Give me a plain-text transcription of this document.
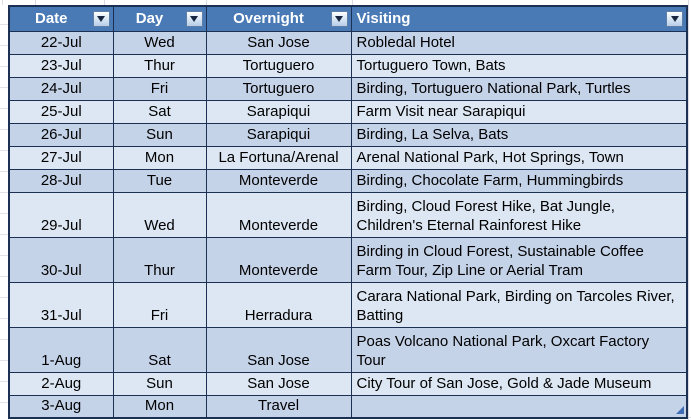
Date	Day	Overnight	Visiting

22-Jul	Wed	San Jose	Robledal Hotel
23-Jul	Thur	Tortuguero	Tortuguero Town, Bats
24-Jul	Fri	Tortuguero	Birding, Tortuguero National Park, Turtles
25-Jul	Sat	Sarapiqui	Farm Visit near Sarapiqui
26-Jul	Sun	Sarapiqui	Birding, La Selva, Bats
27-Jul	Mon	La Fortuna/Arenal	Arenal National Park, Hot Springs, Town
28-Jul	Tue	Monteverde	Birding, Chocolate Farm, Hummingbirds
29-Jul	Wed	Monteverde	Birding, Cloud Forest Hike, Bat Jungle, Children's Eternal Rainforest Hike
30-Jul	Thur	Monteverde	Birding in Cloud Forest, Sustainable Coffee Farm Tour, Zip Line or Aerial Tram
31-Jul	Fri	Herradura	Carara National Park, Birding on Tarcoles River, Batting
1-Aug	Sat	San Jose	Poas Volcano National Park, Oxcart Factory Tour
2-Aug	Sun	San Jose	City Tour of San Jose, Gold & Jade Museum
3-Aug	Mon	Travel	
